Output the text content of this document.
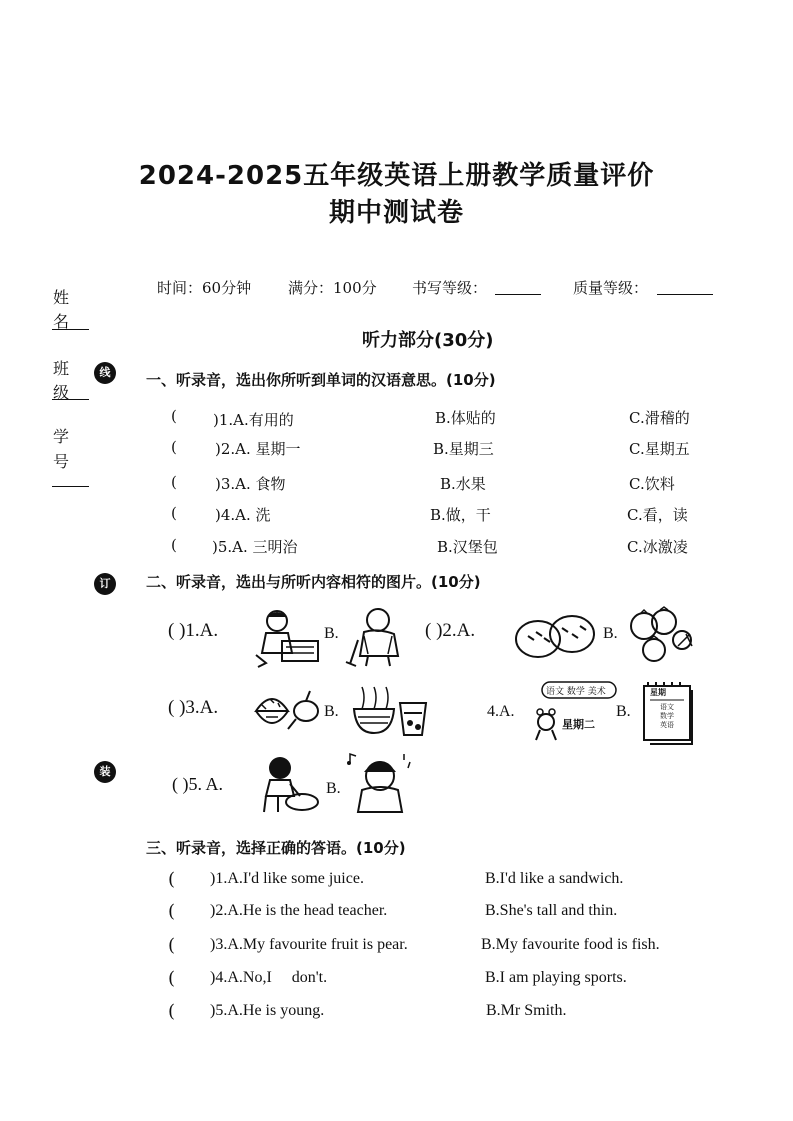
2024-2025五年级英语上册教学质量评价
期中测试卷
时间：60分钟 满分：100分 书写等级：	质量等级：
姓
名
班
级
学
号
线
订
装
听力部分(30分)
一、听录音，选出你所听到单词的汉语意思。(10分)
( )1.A.有用的	B.体贴的	C.滑稽的
(	)2.A. 星期一	B.星期三	C.星期五
(	)3.A. 食物	B.水果	C.饮料
(	)4.A. 洗	B.做，干	C.看，读
( )5.A. 三明治	B.汉堡包	C.冰激凌
二、听录音，选出与所听内容相符的图片。(10分)
( )1.A.	B.	( )2.A.	B.
( )3.A.	B.	4.A.
语文 数学 美术
星期二
B.
星期
语文
数学
英语
( )5. A.	B.
三、听录音，选择正确的答语。(10分)
( )1.A.I'd like some juice.	B.I'd like a sandwich.
( )2.A.He is the head teacher.	B.She's tall and thin.
( )3.A.My favourite fruit is pear.	B.My favourite food is fish.
( )4.A.No,I     don't.	B.I am playing sports.
( )5.A.He is young.	B.Mr Smith.
